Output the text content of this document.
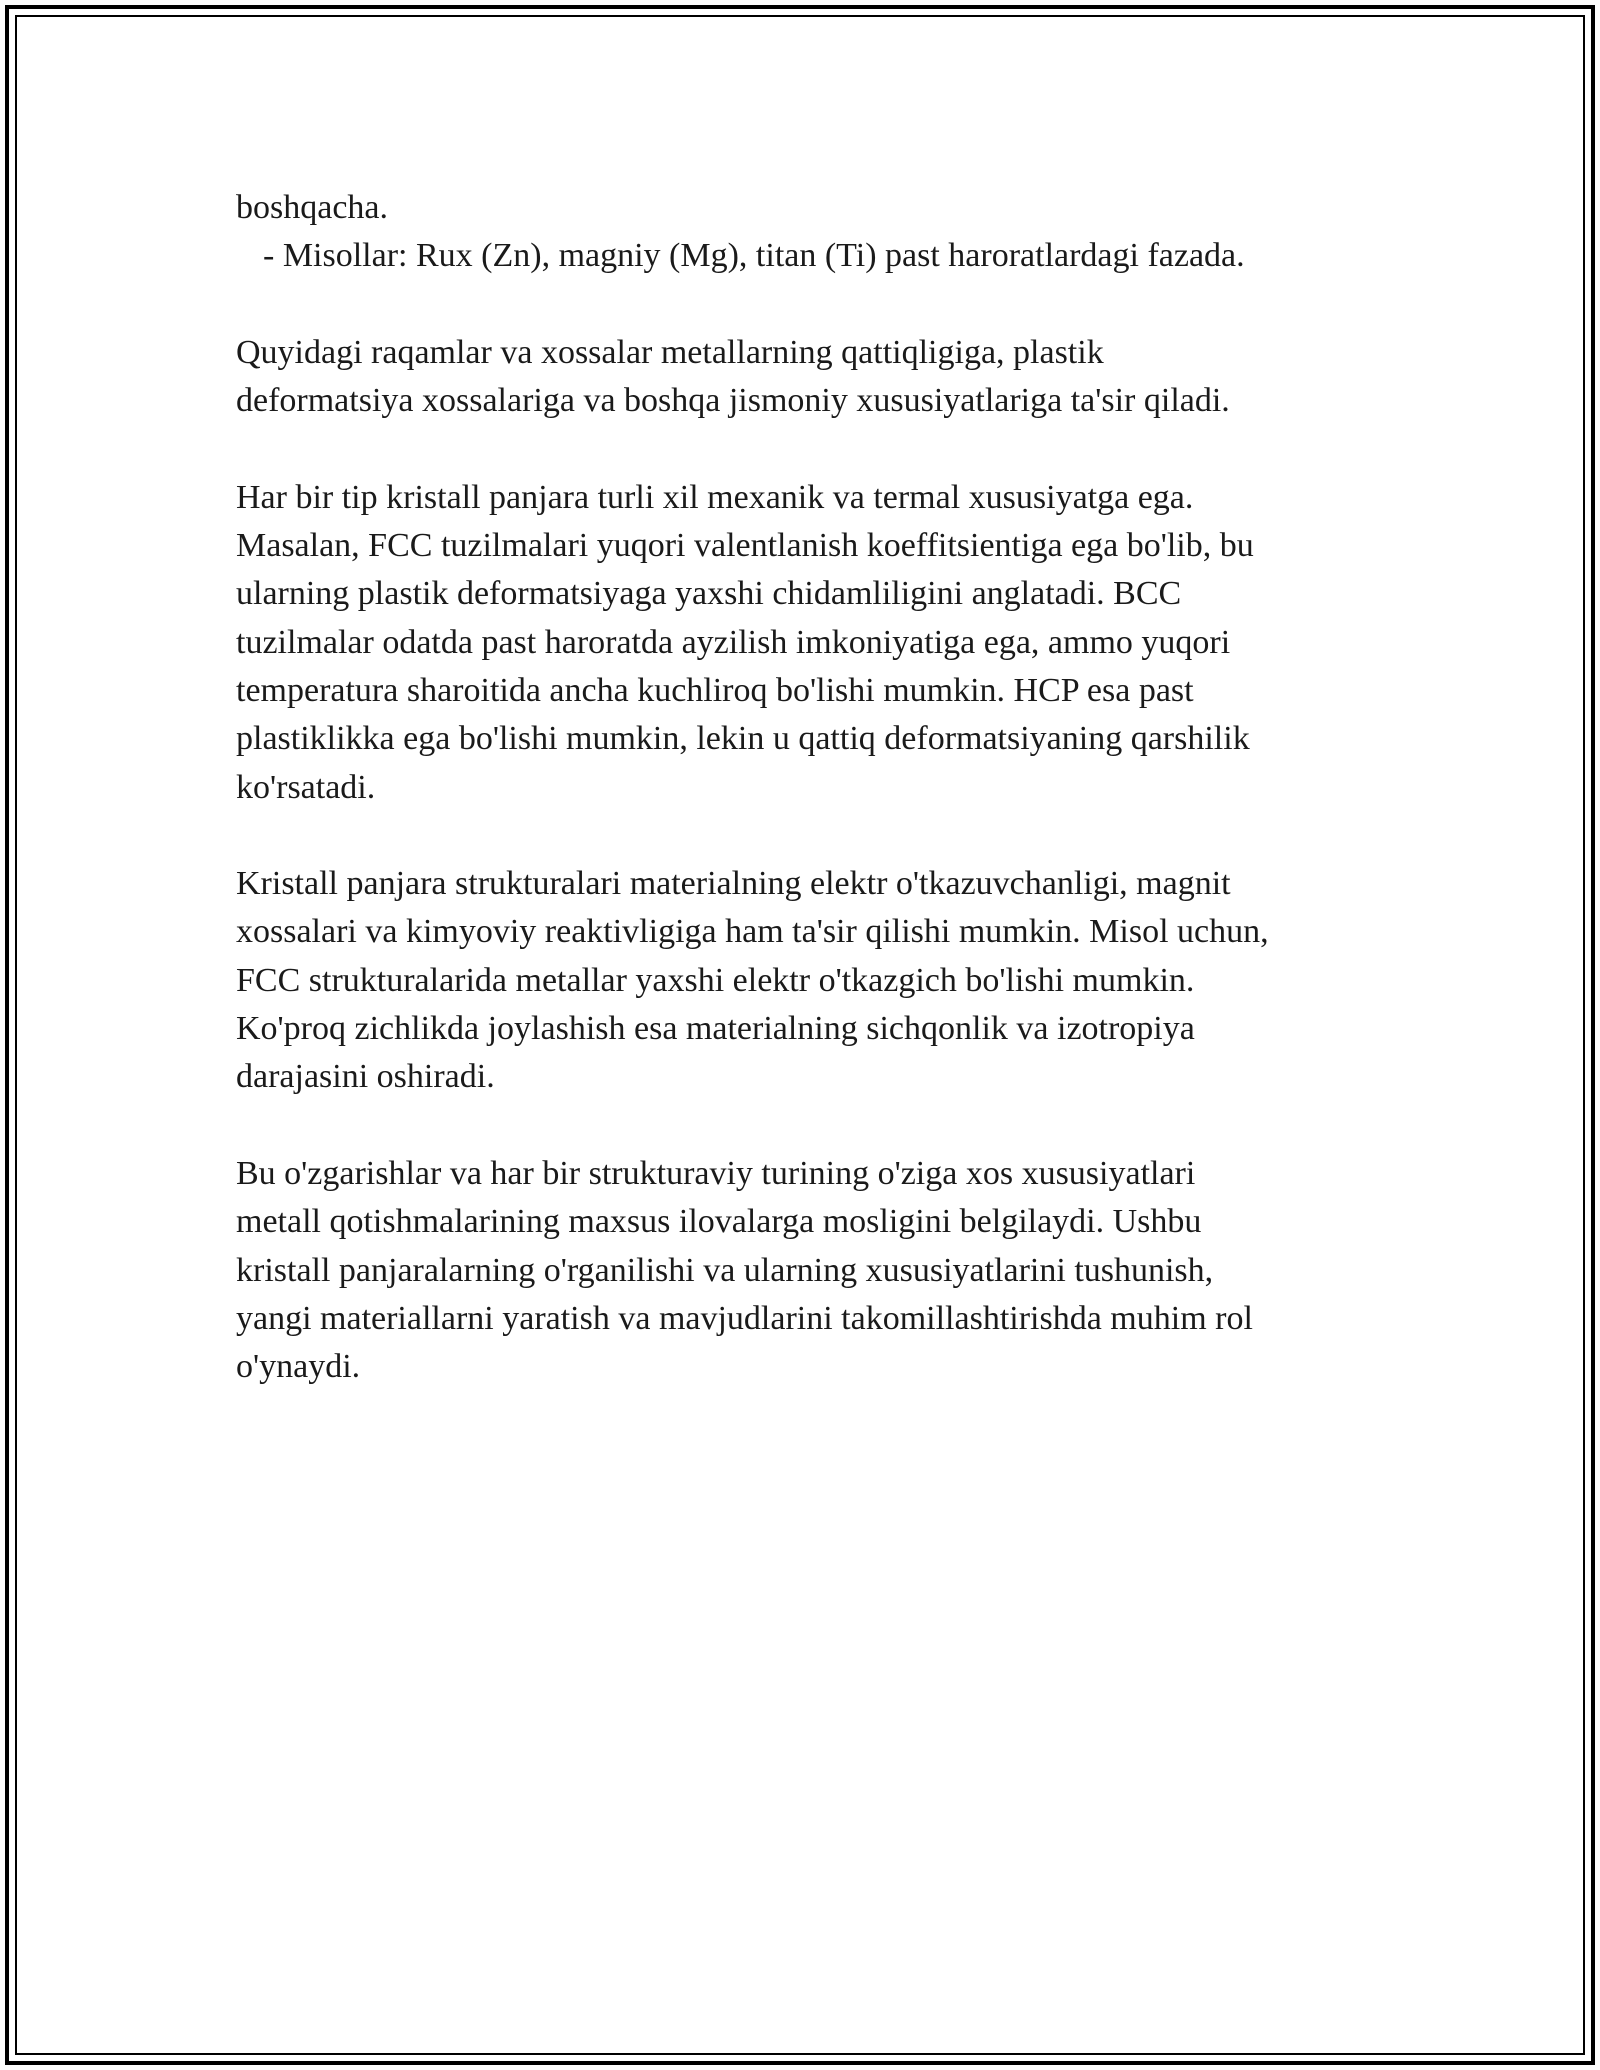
boshqacha.
- Misollar: Rux (Zn), magniy (Mg), titan (Ti) past haroratlardagi fazada.
Quyidagi raqamlar va xossalar metallarning qattiqligiga, plastik
deformatsiya xossalariga va boshqa jismoniy xususiyatlariga ta'sir qiladi.
Har bir tip kristall panjara turli xil mexanik va termal xususiyatga ega.
Masalan, FCC tuzilmalari yuqori valentlanish koeffitsientiga ega bo'lib, bu
ularning plastik deformatsiyaga yaxshi chidamliligini anglatadi. BCC
tuzilmalar odatda past haroratda ayzilish imkoniyatiga ega, ammo yuqori
temperatura sharoitida ancha kuchliroq bo'lishi mumkin. HCP esa past
plastiklikka ega bo'lishi mumkin, lekin u qattiq deformatsiyaning qarshilik
ko'rsatadi.
Kristall panjara strukturalari materialning elektr o'tkazuvchanligi, magnit
xossalari va kimyoviy reaktivligiga ham ta'sir qilishi mumkin. Misol uchun,
FCC strukturalarida metallar yaxshi elektr o'tkazgich bo'lishi mumkin.
Ko'proq zichlikda joylashish esa materialning sichqonlik va izotropiya
darajasini oshiradi.
Bu o'zgarishlar va har bir strukturaviy turining o'ziga xos xususiyatlari
metall qotishmalarining maxsus ilovalarga mosligini belgilaydi. Ushbu
kristall panjaralarning o'rganilishi va ularning xususiyatlarini tushunish,
yangi materiallarni yaratish va mavjudlarini takomillashtirishda muhim rol
o'ynaydi.
